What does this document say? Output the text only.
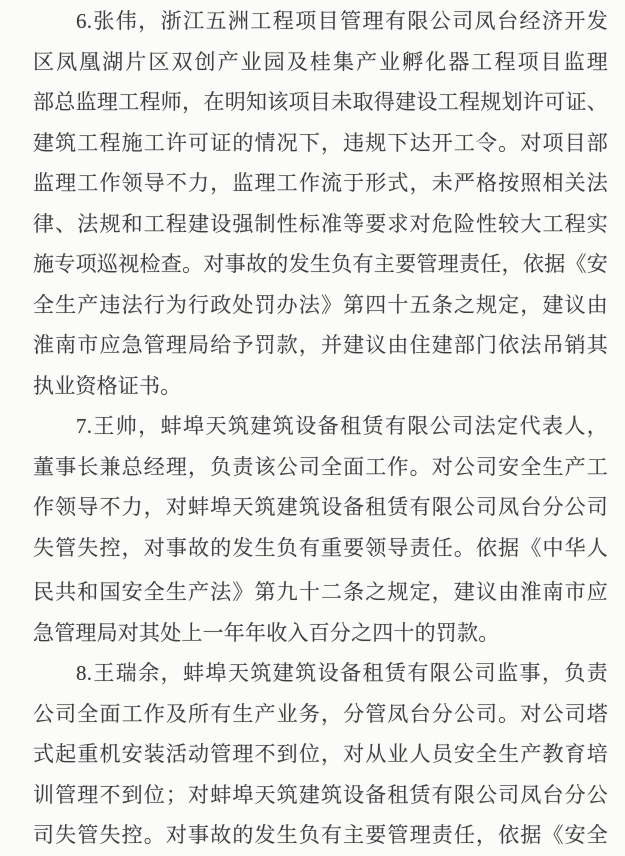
6.张伟，浙江五洲工程项目管理有限公司凤台经济开发
区凤凰湖片区双创产业园及桂集产业孵化器工程项目监理
部总监理工程师，在明知该项目未取得建设工程规划许可证、
建筑工程施工许可证的情况下，违规下达开工令。对项目部
监理工作领导不力，监理工作流于形式，未严格按照相关法
律、法规和工程建设强制性标准等要求对危险性较大工程实
施专项巡视检查。对事故的发生负有主要管理责任，依据《安
全生产违法行为行政处罚办法》第四十五条之规定，建议由
淮南市应急管理局给予罚款，并建议由住建部门依法吊销其
执业资格证书。
7.王帅，蚌埠天筑建筑设备租赁有限公司法定代表人，
董事长兼总经理，负责该公司全面工作。对公司安全生产工
作领导不力，对蚌埠天筑建筑设备租赁有限公司凤台分公司
失管失控，对事故的发生负有重要领导责任。依据《中华人
民共和国安全生产法》第九十二条之规定，建议由淮南市应
急管理局对其处上一年年收入百分之四十的罚款。
8.王瑞余，蚌埠天筑建筑设备租赁有限公司监事，负责
公司全面工作及所有生产业务，分管凤台分公司。对公司塔
式起重机安装活动管理不到位，对从业人员安全生产教育培
训管理不到位；对蚌埠天筑建筑设备租赁有限公司凤台分公
司失管失控。对事故的发生负有主要管理责任，依据《安全
